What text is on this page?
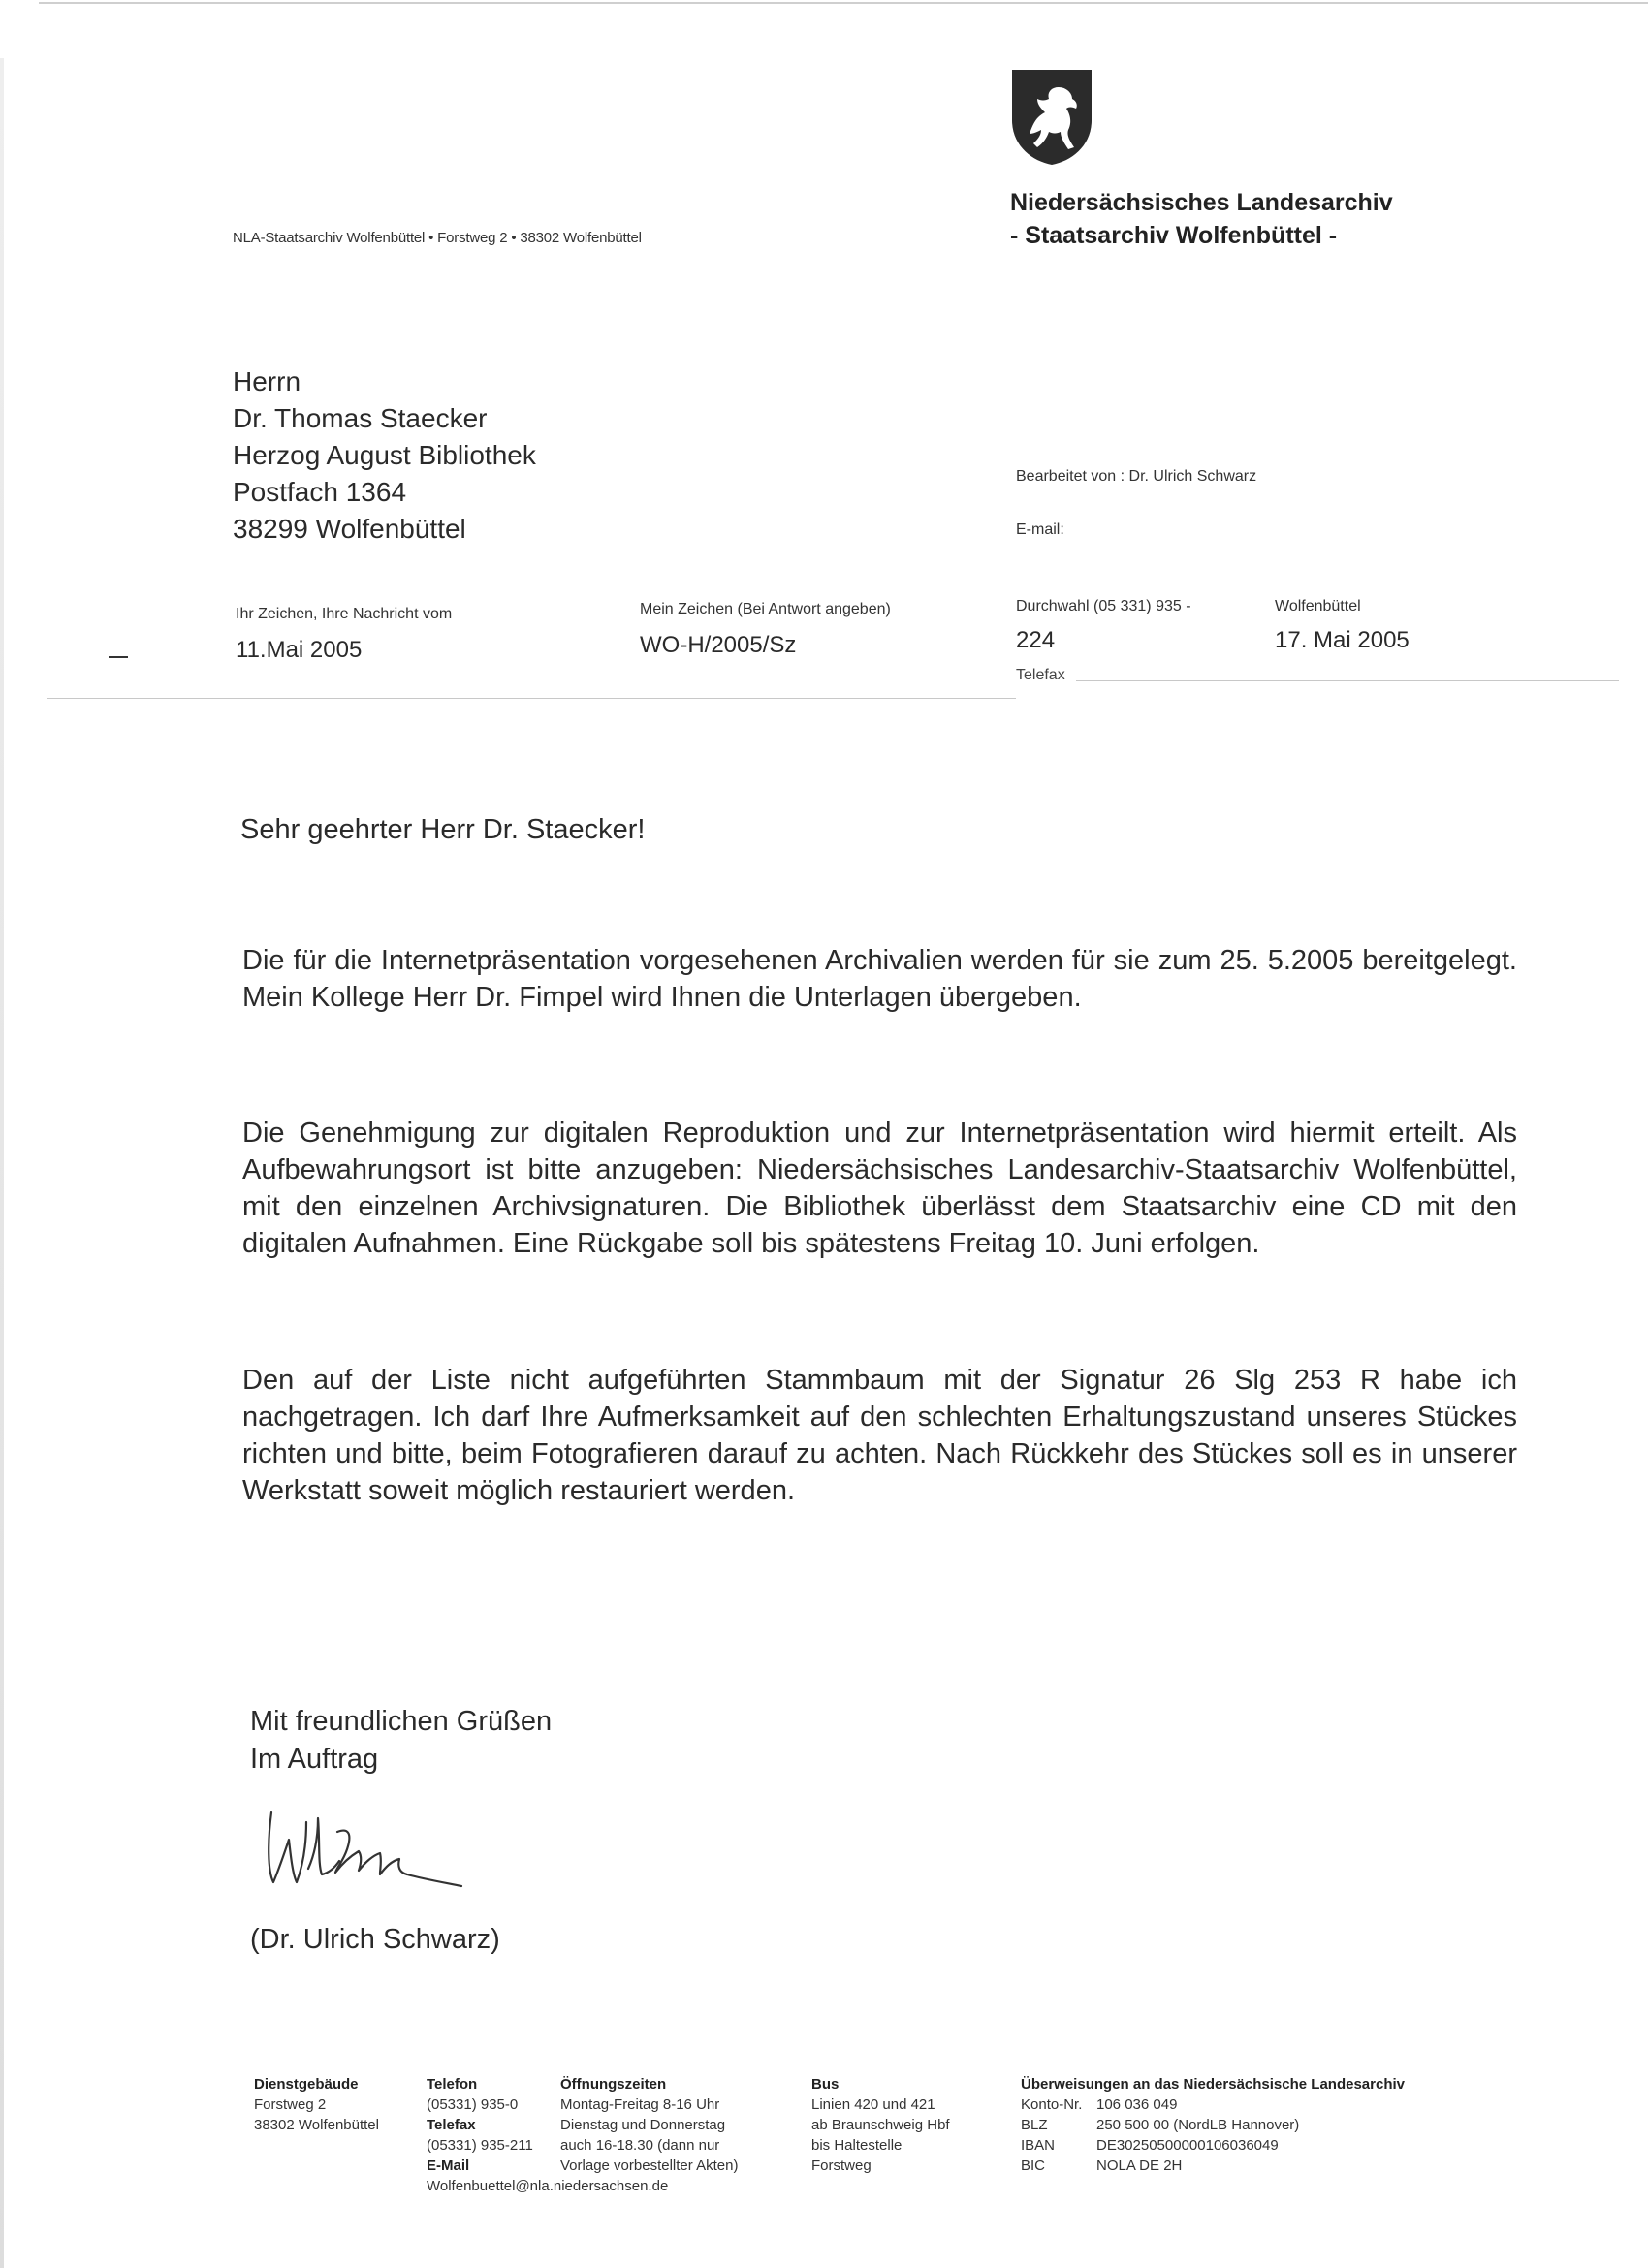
Niedersächsisches Landesarchiv
- Staatsarchiv Wolfenbüttel -
NLA-Staatsarchiv Wolfenbüttel • Forstweg 2 • 38302 Wolfenbüttel
Herrn
Dr. Thomas Staecker
Herzog August Bibliothek
Postfach 1364
38299 Wolfenbüttel
Bearbeitet von : Dr. Ulrich Schwarz
E-mail:
Ihr Zeichen, Ihre Nachricht vom
11.Mai 2005
Mein Zeichen (Bei Antwort angeben)
WO-H/2005/Sz
Durchwahl (05 331) 935 -
224
Telefax
Wolfenbüttel
17. Mai 2005
Sehr geehrter Herr Dr. Staecker!
Die für die Internetpräsentation vorgesehenen Archivalien werden für sie zum 25. 5.2005 bereitgelegt. Mein Kollege Herr Dr. Fimpel wird Ihnen die Unterlagen übergeben.
Die Genehmigung zur digitalen Reproduktion und zur Internetpräsentation wird hiermit erteilt. Als Aufbewahrungsort ist bitte anzugeben: Niedersächsisches Landesarchiv-Staatsarchiv Wolfenbüttel, mit den einzelnen Archivsignaturen. Die Bibliothek überlässt dem Staatsarchiv eine CD mit den digitalen Aufnahmen. Eine Rückgabe soll bis spätestens Freitag 10. Juni erfolgen.
Den auf der Liste nicht aufgeführten Stammbaum mit der Signatur 26 Slg 253 R habe ich nachgetragen. Ich darf Ihre Aufmerksamkeit auf den schlechten Erhaltungszustand unseres Stückes richten und bitte, beim Fotografieren darauf zu achten. Nach Rückkehr des Stückes soll es in unserer Werkstatt soweit möglich restauriert werden.
Mit freundlichen Grüßen
Im Auftrag
(Dr. Ulrich Schwarz)
Dienstgebäude
Forstweg 2
38302 Wolfenbüttel
Telefon
(05331) 935-0
Telefax
(05331) 935-211
E-Mail
Wolfenbuettel@nla.niedersachsen.de
Öffnungszeiten
Montag-Freitag 8-16 Uhr
Dienstag und Donnerstag
auch 16-18.30 (dann nur
Vorlage vorbestellter Akten)
Bus
Linien 420 und 421
ab Braunschweig Hbf
bis Haltestelle
Forstweg
Überweisungen an das Niedersächsische Landesarchiv
Konto-Nr. 106 036 049
BLZ	250 500 00 (NordLB Hannover)
IBAN	DE30250500000106036049
BIC	NOLA DE 2H
